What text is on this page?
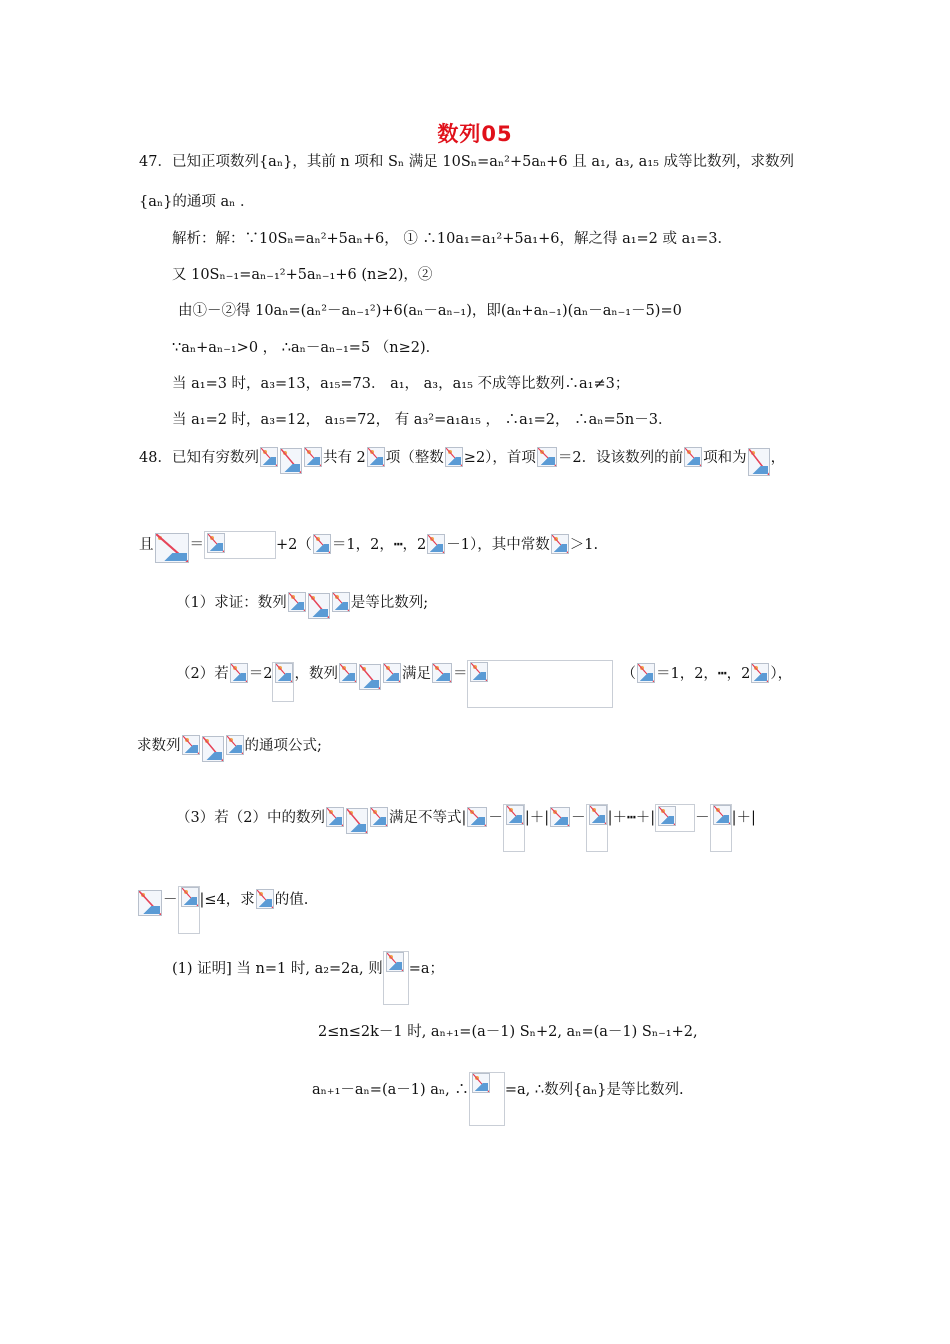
数列05
47．已知正项数列{aₙ}，其前 n 项和 Sₙ 满足 10Sₙ=aₙ²+5aₙ+6 且 a₁, a₃, a₁₅ 成等比数列，求数列
{aₙ}的通项 aₙ ．
解析：解：∵10Sₙ=aₙ²+5aₙ+6， ① ∴10a₁=a₁²+5a₁+6，解之得 a₁=2 或 a₁=3．
又 10Sₙ₋₁=aₙ₋₁²+5aₙ₋₁+6 (n≥2)，②
由①－②得 10aₙ=(aₙ²－aₙ₋₁²)+6(aₙ－aₙ₋₁)，即(aₙ+aₙ₋₁)(aₙ－aₙ₋₁－5)=0
∵aₙ+aₙ₋₁>0 ， ∴aₙ－aₙ₋₁=5 （n≥2)．
当 a₁=3 时，a₃=13，a₁₅=73． a₁， a₃，a₁₅ 不成等比数列∴a₁≠3；
当 a₁=2 时，a₃=12， a₁₅=72， 有 a₃²=a₁a₁₅ ， ∴a₁=2， ∴aₙ=5n－3．
48．已知有穷数列	共有 2 项（整数 ≥2），首项 ＝2．设该数列的前 项和为 ，
且 ＝	+2（ ＝1，2，┅，2 －1），其中常数 ＞1.
（1）求证：数列	是等比数列;
（2）若 ＝2 ，数列	满足 ＝	（ ＝1，2，┅，2 ），
求数列	的通项公式;
（3）若（2）中的数列	满足不等式| － |＋| － |＋┅＋|	－ |＋|
－ |≤4，求 的值.
(1) 证明] 当 n=1 时, a₂=2a, 则 =a；
2≤n≤2k－1 时, aₙ₊₁=(a－1) Sₙ+2, aₙ=(a－1) Sₙ₋₁+2,
aₙ₊₁－aₙ=(a－1) aₙ, ∴ =a, ∴数列{aₙ}是等比数列.
